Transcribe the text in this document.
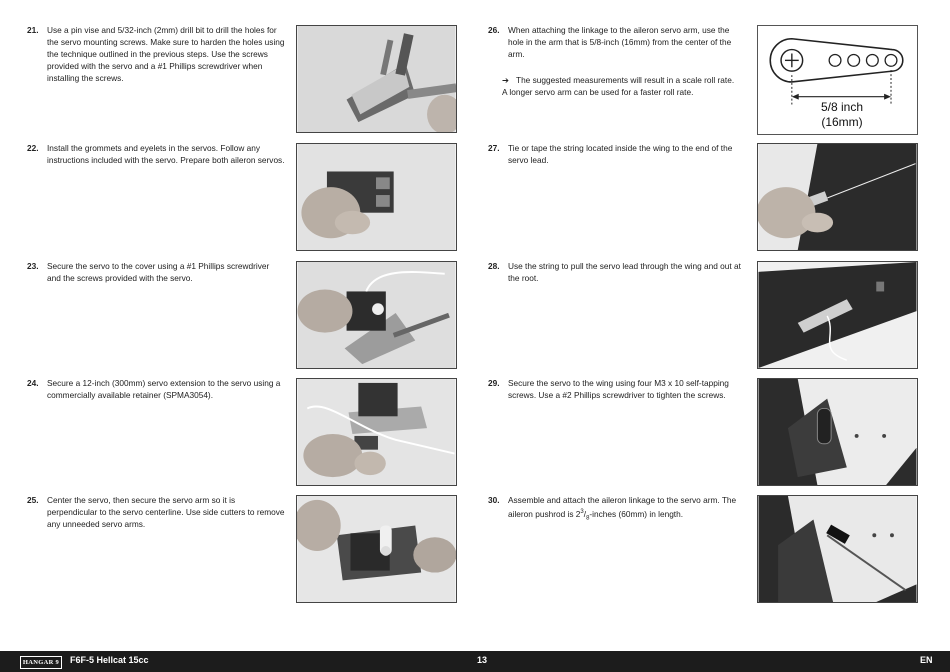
21. Use a pin vise and 5/32-inch (2mm) drill bit to drill the holes for the servo mounting screws. Make sure to harden the holes using the technique outlined in the previous steps. Use the screws provided with the servo and a #1 Phillips screwdriver when installing the screws.
22. Install the grommets and eyelets in the servos. Follow any instructions included with the servo. Prepare both aileron servos.
23. Secure the servo to the cover using a #1 Phillips screwdriver and the screws provided with the servo.
24. Secure a 12-inch (300mm) servo extension to the servo using a commercially available retainer (SPMA3054).
25. Center the servo, then secure the servo arm so it is perpendicular to the servo centerline. Use side cutters to remove any unneeded servo arms.
26. When attaching the linkage to the aileron servo arm, use the hole in the arm that is 5/8-inch (16mm) from the center of the arm.
➔ The suggested measurements will result in a scale roll rate. A longer servo arm can be used for a faster roll rate.
5/8 inch
(16mm)
27. Tie or tape the string located inside the wing to the end of the servo lead.
28. Use the string to pull the servo lead through the wing and out at the root.
29. Secure the servo to the wing using four M3 x 10 self-tapping screws. Use a #2 Phillips screwdriver to tighten the screws.
30. Assemble and attach the aileron linkage to the servo arm. The aileron pushrod is $2^3/_8$-inches (60mm) in length.
HANGAR 9	F6F-5 Hellcat 15cc	13	EN
